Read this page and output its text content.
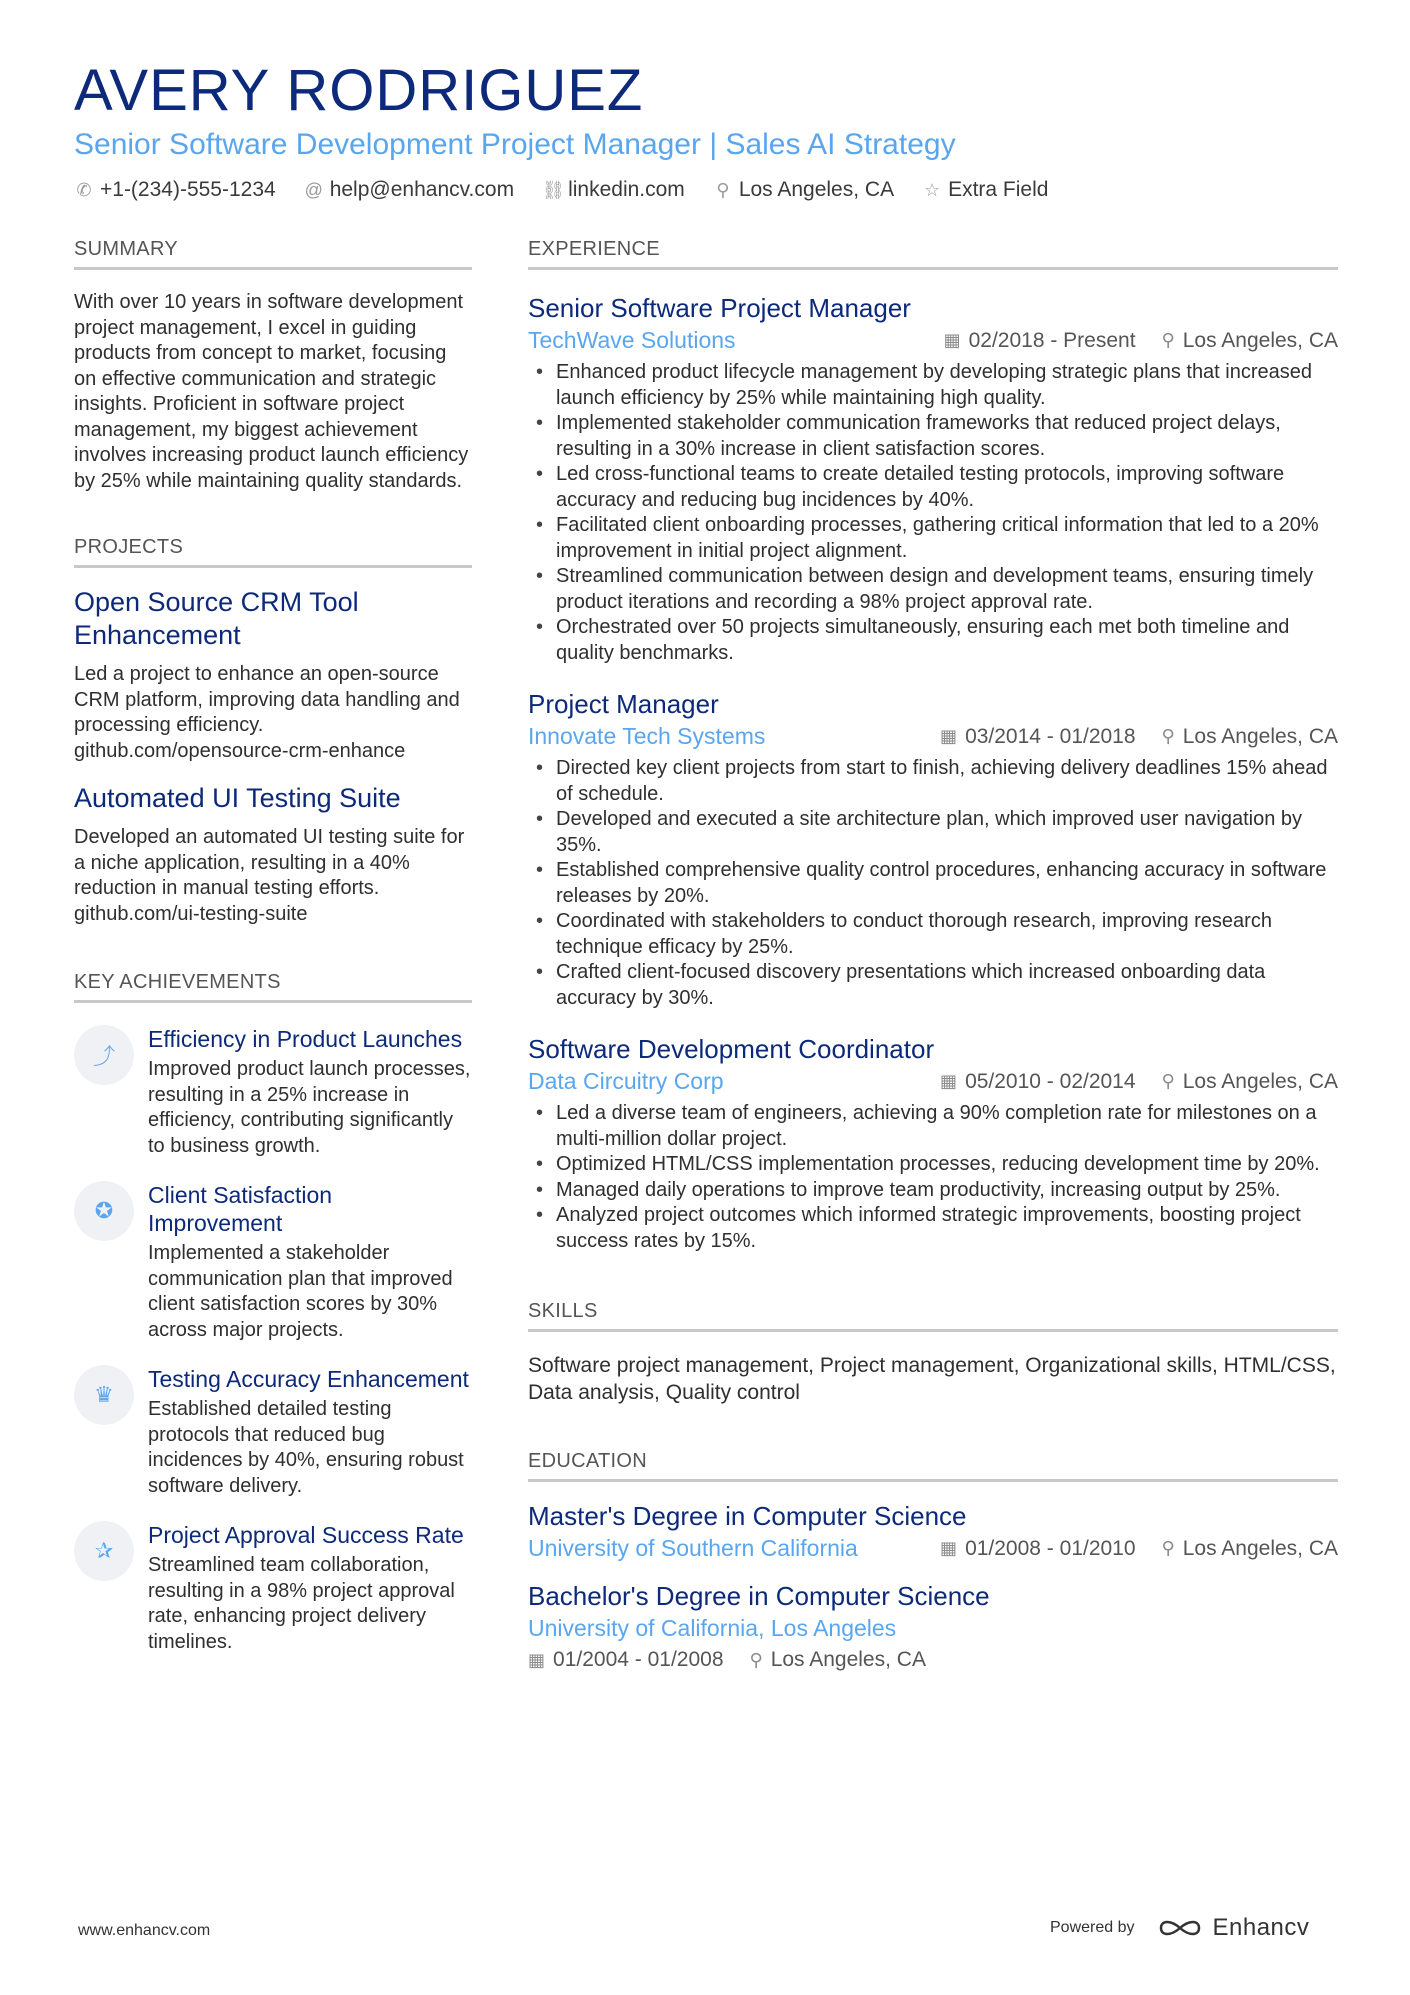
AVERY RODRIGUEZ
Senior Software Development Project Manager | Sales AI Strategy
✆ +1-(234)-555-1234 @ help@enhancv.com ⛓ linkedin.com ⚲ Los Angeles, CA ☆ Extra Field
SUMMARY
With over 10 years in software development project management, I excel in guiding products from concept to market, focusing on effective communication and strategic insights. Proficient in software project management, my biggest achievement involves increasing product launch efficiency by 25% while maintaining quality standards.
PROJECTS
Open Source CRM Tool Enhancement
Led a project to enhance an open-source CRM platform, improving data handling and processing efficiency. github.com/opensource-crm-enhance
Automated UI Testing Suite
Developed an automated UI testing suite for a niche application, resulting in a 40% reduction in manual testing efforts. github.com/ui-testing-suite
KEY ACHIEVEMENTS
⤴
Efficiency in Product Launches
Improved product launch processes, resulting in a 25% increase in efficiency, contributing significantly to business growth.
✪
Client Satisfaction Improvement
Implemented a stakeholder communication plan that improved client satisfaction scores by 30% across major projects.
♛
Testing Accuracy Enhancement
Established detailed testing protocols that reduced bug incidences by 40%, ensuring robust software delivery.
✰
Project Approval Success Rate
Streamlined team collaboration, resulting in a 98% project approval rate, enhancing project delivery timelines.
EXPERIENCE
Senior Software Project Manager
TechWave Solutions	▦ 02/2018 - Present ⚲ Los Angeles, CA
• Enhanced product lifecycle management by developing strategic plans that increased launch efficiency by 25% while maintaining high quality.
• Implemented stakeholder communication frameworks that reduced project delays, resulting in a 30% increase in client satisfaction scores.
• Led cross-functional teams to create detailed testing protocols, improving software accuracy and reducing bug incidences by 40%.
• Facilitated client onboarding processes, gathering critical information that led to a 20% improvement in initial project alignment.
• Streamlined communication between design and development teams, ensuring timely product iterations and recording a 98% project approval rate.
• Orchestrated over 50 projects simultaneously, ensuring each met both timeline and quality benchmarks.
Project Manager
Innovate Tech Systems	▦ 03/2014 - 01/2018 ⚲ Los Angeles, CA
• Directed key client projects from start to finish, achieving delivery deadlines 15% ahead of schedule.
• Developed and executed a site architecture plan, which improved user navigation by 35%.
• Established comprehensive quality control procedures, enhancing accuracy in software releases by 20%.
• Coordinated with stakeholders to conduct thorough research, improving research technique efficacy by 25%.
• Crafted client-focused discovery presentations which increased onboarding data accuracy by 30%.
Software Development Coordinator
Data Circuitry Corp	▦ 05/2010 - 02/2014 ⚲ Los Angeles, CA
• Led a diverse team of engineers, achieving a 90% completion rate for milestones on a multi-million dollar project.
• Optimized HTML/CSS implementation processes, reducing development time by 20%.
• Managed daily operations to improve team productivity, increasing output by 25%.
• Analyzed project outcomes which informed strategic improvements, boosting project success rates by 15%.
SKILLS
Software project management, Project management, Organizational skills, HTML/CSS, Data analysis, Quality control
EDUCATION
Master's Degree in Computer Science
University of Southern California	▦ 01/2008 - 01/2010 ⚲ Los Angeles, CA
Bachelor's Degree in Computer Science
University of California, Los Angeles
▦ 01/2004 - 01/2008 ⚲ Los Angeles, CA
www.enhancv.com	Powered by	Enhancv
